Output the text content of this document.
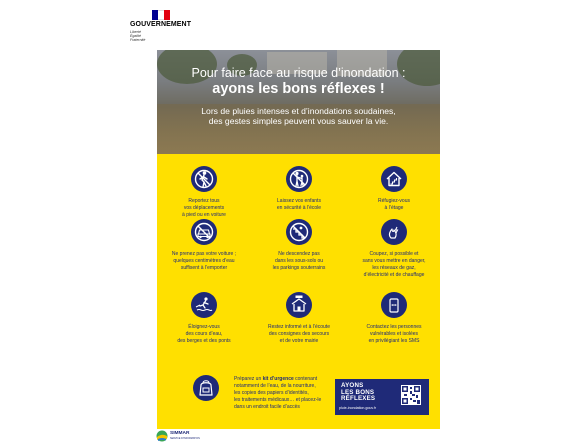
GOUVERNEMENT
Liberté
Égalité
Fraternité
Pour faire face au risque d’inondation :
ayons les bons réflexes !
Lors de pluies intenses et d’inondations soudaines,
des gestes simples peuvent vous sauver la vie.
Reportez tous
vos déplacements
à pied ou en voiture
Laissez vos enfants
en sécurité à l’école
Réfugiez-vous
à l’étage
Ne prenez pas votre voiture ;
quelques centimètres d’eau
suffisent à l’emporter
Ne descendez pas
dans les sous-sols ou
les parkings souterrains
Coupez, si possible et
sans vous mettre en danger,
les réseaux de gaz,
d’électricité et de chauffage
Éloignez-vous
des cours d’eau,
des berges et des ponts
Restez informé et à l’écoute
des consignes des secours
et de votre mairie
Contactez les personnes
vulnérables et isolées
en privilégiant les SMS
Préparez un kit d’urgence contenant
notamment de l’eau, de la nourriture,
les copies des papiers d’identités,
les traitements médicaux… et placez-le
dans un endroit facile d’accès
AYONS
LES BONS
RÉFLEXES
pluie-inondation.gouv.fr
SIMMAR
SERVICE D'INFORMATION
